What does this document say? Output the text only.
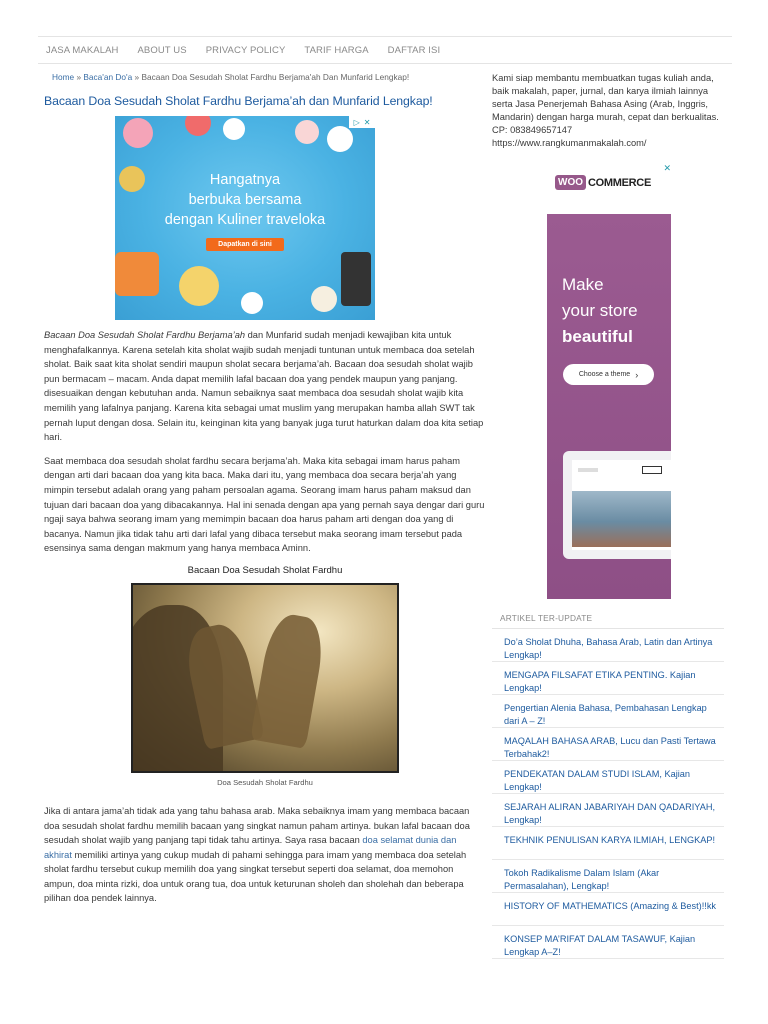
JASA MAKALAH ABOUT US PRIVACY POLICY TARIF HARGA DAFTAR ISI
Home » Baca'an Do'a » Bacaan Doa Sesudah Sholat Fardhu Berjama'ah Dan Munfarid Lengkap!
Bacaan Doa Sesudah Sholat Fardhu Berjama’ah dan Munfarid Lengkap!
▷ ✕
Hangatnya
berbuka bersama
dengan Kuliner traveloka
Dapatkan di sini

Bacaan Doa Sesudah Sholat Fardhu Berjama’ah dan Munfarid sudah menjadi kewajiban kita untuk menghafalkannya. Karena setelah kita sholat wajib sudah menjadi tuntunan untuk membaca doa setelah sholat. Baik saat kita sholat sendiri maupun sholat secara berjama’ah. Bacaan doa sesudah sholat wajib pun bermacam – macam. Anda dapat memilih lafal bacaan doa yang pendek maupun yang panjang. disesuaikan dengan kebutuhan anda. Namun sebaiknya saat membaca doa sesudah sholat wajib kita memilih yang lafalnya panjang. Karena kita sebagai umat muslim yang merupakan hamba allah SWT tak pernah luput dengan dosa. Selain itu, keinginan kita yang banyak juga turut haturkan dalam doa kita setiap hari.

Saat membaca doa sesudah sholat fardhu secara berjama’ah. Maka kita sebagai imam harus paham dengan arti dari bacaan doa yang kita baca. Maka dari itu, yang membaca doa secara berja’ah yang mimpin tersebut adalah orang yang paham persoalan agama. Seorang imam harus paham maksud dan tujuan dari bacaan doa yang dibacakannya. Hal ini senada dengan apa yang pernah saya dengar dari guru ngaji saya bahwa seorang imam yang memimpin bacaan doa harus paham arti dengan doa yang di bacanya. Namun jika tidak tahu arti dari lafal yang dibaca tersebut maka seorang imam tersebut pada esensinya sama dengan makmum yang hanya membaca Aminn.

Bacaan Doa Sesudah Sholat Fardhu
Doa Sesudah Sholat Fardhu

Jika di antara jama’ah tidak ada yang tahu bahasa arab. Maka sebaiknya imam yang membaca bacaan doa sesudah sholat fardhu memilih bacaan yang singkat namun paham artinya. bukan lafal bacaan doa sesudah sholat wajib yang panjang tapi tidak tahu artinya. Saya rasa bacaan doa selamat dunia dan akhirat memiliki artinya yang cukup mudah di pahami sehingga para imam yang membaca doa setelah sholat fardhu tersebut cukup memilih doa yang singkat tersebut seperti doa selamat, doa memohon ampun, doa minta rizki, doa untuk orang tua, doa untuk keturunan sholeh dan sholehah dan beberapa pilihan doa pendek lainnya.

Kami siap membantu membuatkan tugas kuliah anda, baik makalah, paper, jurnal, dan karya ilmiah lainnya serta Jasa Penerjemah Bahasa Asing (Arab, Inggris, Mandarin) dengan harga murah, cepat dan berkualitas. CP: 083849657147 https://www.rangkumanmakalah.com/

✕
WOO COMMERCE
Make
your store
beautiful
Choose a theme ›
ARTIKEL TER-UPDATE
Do’a Sholat Dhuha, Bahasa Arab, Latin dan Artinya Lengkap!
MENGAPA FILSAFAT ETIKA PENTING. Kajian Lengkap!
Pengertian Alenia Bahasa, Pembahasan Lengkap dari A – Z!
MAQALAH BAHASA ARAB, Lucu dan Pasti Tertawa Terbahak2!
PENDEKATAN DALAM STUDI ISLAM, Kajian Lengkap!
SEJARAH ALIRAN JABARIYAH DAN QADARIYAH, Lengkap!
TEKHNIK PENULISAN KARYA ILMIAH, LENGKAP!
Tokoh Radikalisme Dalam Islam (Akar Permasalahan), Lengkap!
HISTORY OF MATHEMATICS (Amazing & Best)!!kk
KONSEP MA’RIFAT DALAM TASAWUF, Kajian Lengkap A–Z!
